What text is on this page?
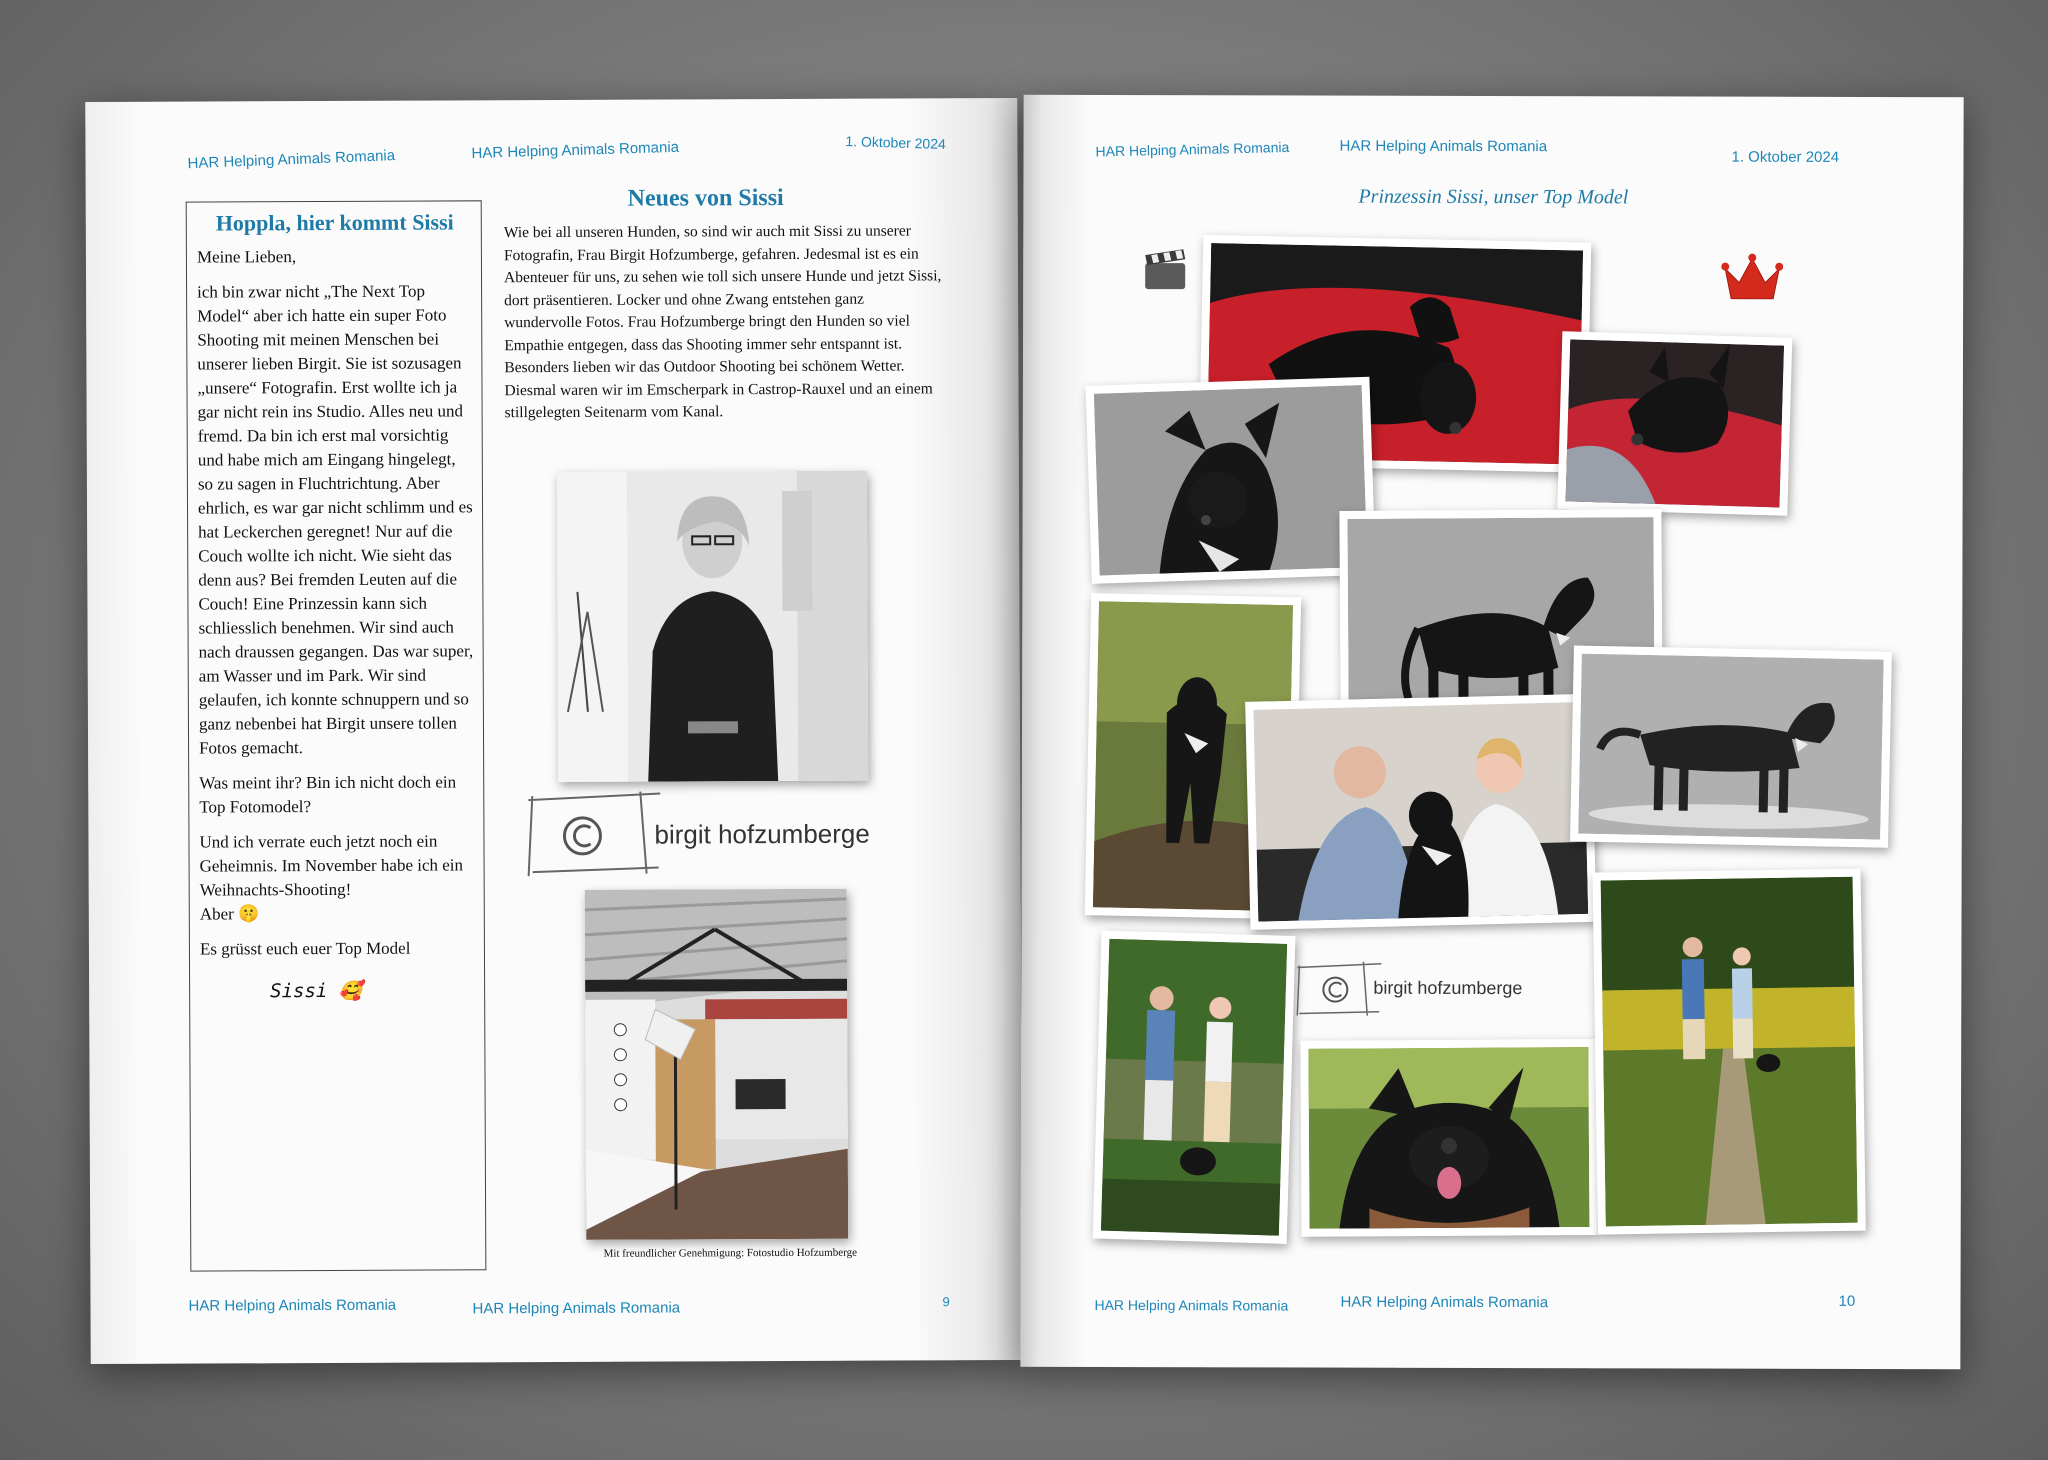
HAR Helping Animals Romania	HAR Helping Animals Romania	1. Oktober 2024
Hoppla, hier kommt Sissi

Meine Lieben,

ich bin zwar nicht „The Next Top Model“ aber ich hatte ein super Foto Shooting mit meinen Menschen bei unserer lieben Birgit. Sie ist sozusagen „unsere“ Fotografin. Erst wollte ich ja gar nicht rein ins Studio. Alles neu und fremd. Da bin ich erst mal vorsichtig und habe mich am Eingang hingelegt, so zu sagen in Fluchtrichtung. Aber ehrlich, es war gar nicht schlimm und es hat Leckerchen geregnet! Nur auf die Couch wollte ich nicht. Wie sieht das denn aus? Bei fremden Leuten auf die Couch! Eine Prinzessin kann sich schliesslich benehmen. Wir sind auch nach draussen gegangen. Das war super, am Wasser und im Park. Wir sind gelaufen, ich konnte schnuppern und so ganz nebenbei hat Birgit unsere tollen Fotos gemacht.

Was meint ihr? Bin ich nicht doch ein Top Fotomodel?

Und ich verrate euch jetzt noch ein Geheimnis. Im November habe ich ein Weihnachts-Shooting!

Aber 🤫

Es grüsst euch euer Top Model

Sissi 🥰
Neues von Sissi
Wie bei all unseren Hunden, so sind wir auch mit Sissi zu unserer Fotografin, Frau Birgit Hofzumberge, gefahren. Jedesmal ist es ein Abenteuer für uns, zu sehen wie toll sich unsere Hunde und jetzt Sissi, dort präsentieren. Locker und ohne Zwang entstehen ganz wundervolle Fotos. Frau Hofzumberge bringt den Hunden so viel Empathie entgegen, dass das Shooting immer sehr entspannt ist. Besonders lieben wir das Outdoor Shooting bei schönem Wetter. Diesmal waren wir im Emscherpark in Castrop-Rauxel und an einem stillgelegten Seitenarm vom Kanal.
birgit hofzumberge
Mit freundlicher Genehmigung: Fotostudio Hofzumberge
HAR Helping Animals Romania	HAR Helping Animals Romania	9
HAR Helping Animals Romania	HAR Helping Animals Romania
1. Oktober 2024
Prinzessin Sissi, unser Top Model
birgit hofzumberge
HAR Helping Animals Romania	HAR Helping Animals Romania	10
